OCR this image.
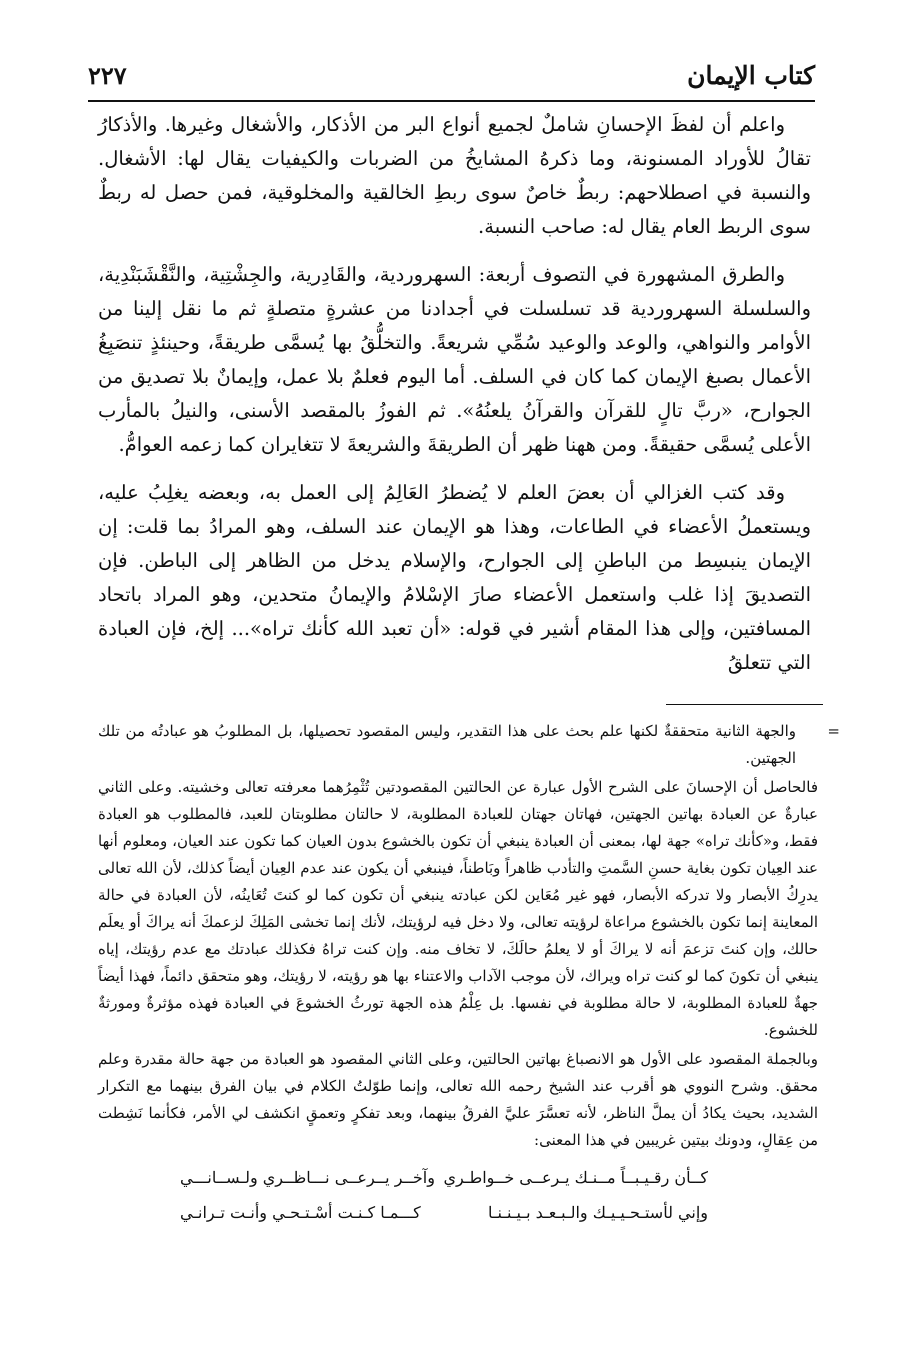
كتاب الإيمان
٢٢٧

واعلم أن لفظَ الإحسانِ شاملٌ لجميع أنواع البر من الأذكار، والأشغال وغيرها. والأذكارُ تقالُ للأوراد المسنونة، وما ذكرهُ المشايخُ من الضربات والكيفيات يقال لها: الأشغال. والنسبة في اصطلاحهم: ربطٌ خاصٌ سوى ربطِ الخالقية والمخلوقية، فمن حصل له ربطٌ سوى الربط العام يقال له: صاحب النسبة.

والطرق المشهورة في التصوف أربعة: السهروردية، والقَادِرية، والجِشْتِية، والنَّقْشَبَنْدِية، والسلسلة السهروردية قد تسلسلت في أجدادنا من عشرةٍ متصلةٍ ثم ما نقل إلينا من الأوامر والنواهي، والوعد والوعيد سُمِّي شريعةً. والتخلُّقُ بها يُسمَّى طريقةً، وحينئذٍ تنصَبِغُ الأعمال بصبغ الإيمان كما كان في السلف. أما اليوم فعلمٌ بلا عمل، وإيمانٌ بلا تصديق من الجوارح، «ربَّ تالٍ للقرآن والقرآنُ يلعنُهُ». ثم الفوزُ بالمقصد الأسنى، والنيلُ بالمأرب الأعلى يُسمَّى حقيقةً. ومن ههنا ظهر أن الطريقةَ والشريعةَ لا تتغايران كما زعمه العوامُّ.

وقد كتب الغزالي أن بعضَ العلم لا يُضطرُ العَالِمُ إلى العمل به، وبعضه يغلِبُ عليه، ويستعملُ الأعضاء في الطاعات، وهذا هو الإيمان عند السلف، وهو المرادُ بما قلت: إن الإيمان ينبسِط من الباطنِ إلى الجوارح، والإسلام يدخل من الظاهر إلى الباطن. فإن التصديقَ إذا غلب واستعمل الأعضاء صارَ الإسْلامُ والإيمانُ متحدين، وهو المراد باتحاد المسافتين، وإلى هذا المقام أشير في قوله: «أن تعبد الله كأنك تراه»... إلخ، فإن العبادة التي تتعلقُ

=
والجهة الثانية متحققةٌ لكنها علم بحث على هذا التقدير، وليس المقصود تحصيلها، بل المطلوبُ هو عبادتُه من تلك الجهتين.

فالحاصل أن الإحسانَ على الشرح الأول عبارة عن الحالتين المقصودتين تُثْمِرُهما معرفته تعالى وخشيته. وعلى الثاني عبارةٌ عن العبادة بهاتين الجهتين، فهاتان جهتان للعبادة المطلوبة، لا حالتان مطلوبتان للعبد، فالمطلوب هو العبادة فقط، و«كأنك تراه» جهة لها، بمعنى أن العبادة ينبغي أن تكون بالخشوع بدون العيان كما تكون عند العيان، ومعلوم أنها عند العِيان تكون بغاية حسنِ السَّمتِ والتأدب ظاهراً وبَاطناً، فينبغي أن يكون عند عدم العِيان أيضاً كذلك، لأن الله تعالى يدرِكُ الأبصار ولا تدركه الأبصار، فهو غير مُعَاين لكن عبادته ينبغي أن تكون كما لو كنتَ تُعَاينُه، لأن العبادة في حالة المعاينة إنما تكون بالخشوع مراعاة لرؤيته تعالى، ولا دخل فيه لرؤيتك، لأنك إنما تخشى المَلِكَ لزعمكَ أنه يراكَ أو يعلَم حالك، وإن كنتَ تزعمَ أنه لا يراكَ أو لا يعلمُ حالَكَ، لا تخاف منه. وإن كنت تراهُ فكذلك عبادتك مع عدم رؤيتك، إياه ينبغي أن تكونَ كما لو كنت تراه ويراك، لأن موجب الآداب والاعتناء بها هو رؤيته، لا رؤيتك، وهو متحقق دائماً، فهذا أيضاً جهةٌ للعبادة المطلوبة، لا حالة مطلوبة في نفسها. بل عِلْمُ هذه الجهة تورثُ الخشوعَ في العبادة فهذه مؤثرةٌ ومورثةٌ للخشوع.

وبالجملة المقصود على الأول هو الانصباغ بهاتين الحالتين، وعلى الثاني المقصود هو العبادة من جهة حالة مقدرة وعلم محقق. وشرح النووي هو أقرب عند الشيخ رحمه الله تعالى، وإنما طوّلتُ الكلام في بيان الفرق بينهما مع التكرار الشديد، بحيث يكادُ أن يملَّ الناظر، لأنه تعسَّرَ عليَّ الفرقُ بينهما، وبعد تفكرٍ وتعمقٍ انكشف لي الأمر، فكأنما نَشِطت من عِقالٍ، ودونك بيتين غريبين في هذا المعنى:

كــأن رقـيـبــاً مــنـك يـرعــى خــواطـري
وآخــر يــرعــى نـــاظــري ولـســانـــي
وإني لأستـحـيـيـك والـبـعـد بـيـنـنـا
كـــمـا كـنـت أسْـتـحـي وأنـت تـرانـي
